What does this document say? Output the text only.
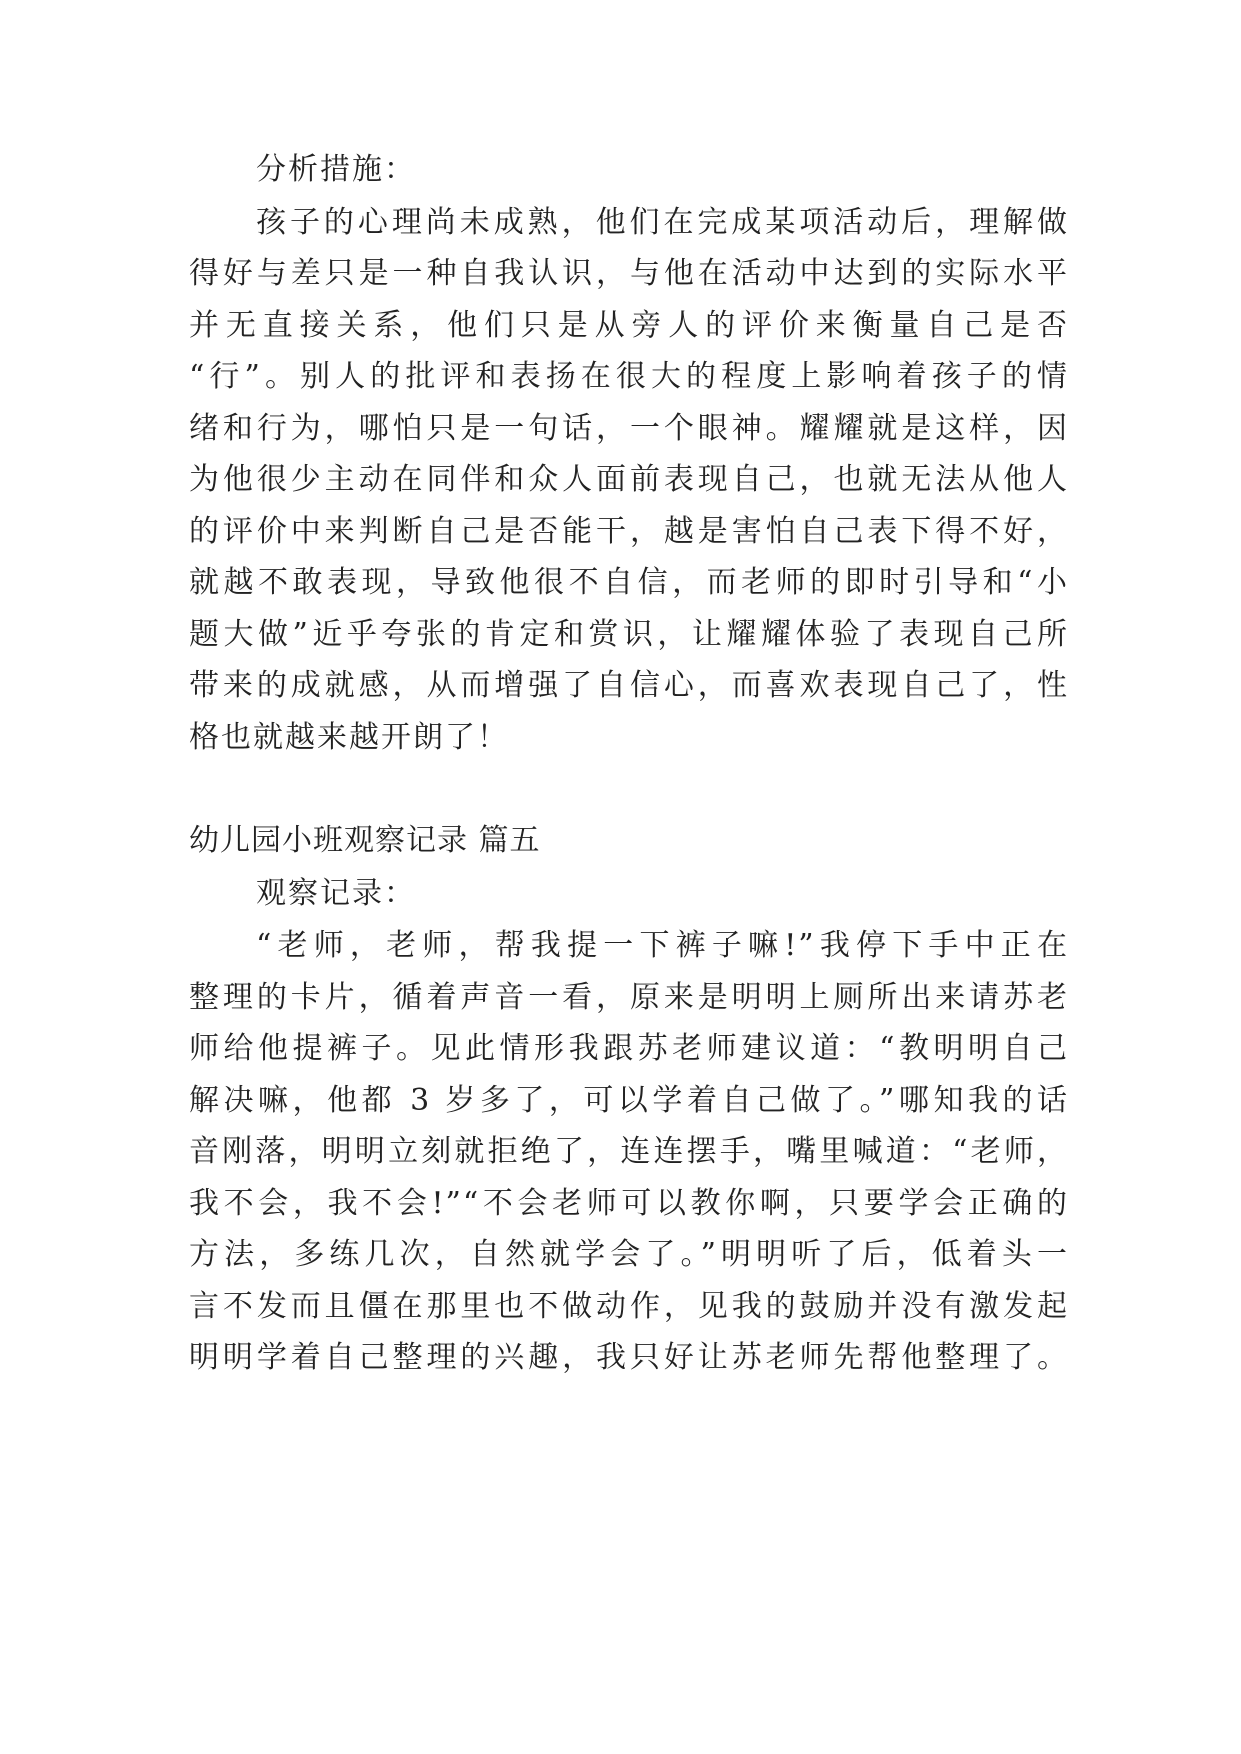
分析措施：
孩子的心理尚未成熟，他们在完成某项活动后，理解做
得好与差只是一种自我认识，与他在活动中达到的实际水平
并无直接关系，他们只是从旁人的评价来衡量自己是否
“行”。别人的批评和表扬在很大的程度上影响着孩子的情
绪和行为，哪怕只是一句话，一个眼神。耀耀就是这样，因
为他很少主动在同伴和众人面前表现自己，也就无法从他人
的评价中来判断自己是否能干，越是害怕自己表下得不好，
就越不敢表现，导致他很不自信，而老师的即时引导和“小
题大做”近乎夸张的肯定和赏识，让耀耀体验了表现自己所
带来的成就感，从而增强了自信心，而喜欢表现自己了，性
格也就越来越开朗了！
幼儿园小班观察记录 篇五
观察记录：
“老师，老师，帮我提一下裤子嘛!”我停下手中正在
整理的卡片，循着声音一看，原来是明明上厕所出来请苏老
师给他提裤子。见此情形我跟苏老师建议道：“教明明自己
解决嘛，他都 3 岁多了，可以学着自己做了。”哪知我的话
音刚落，明明立刻就拒绝了，连连摆手，嘴里喊道：“老师，
我不会，我不会!”“不会老师可以教你啊，只要学会正确的
方法，多练几次，自然就学会了。”明明听了后，低着头一
言不发而且僵在那里也不做动作，见我的鼓励并没有激发起
明明学着自己整理的兴趣，我只好让苏老师先帮他整理了。
